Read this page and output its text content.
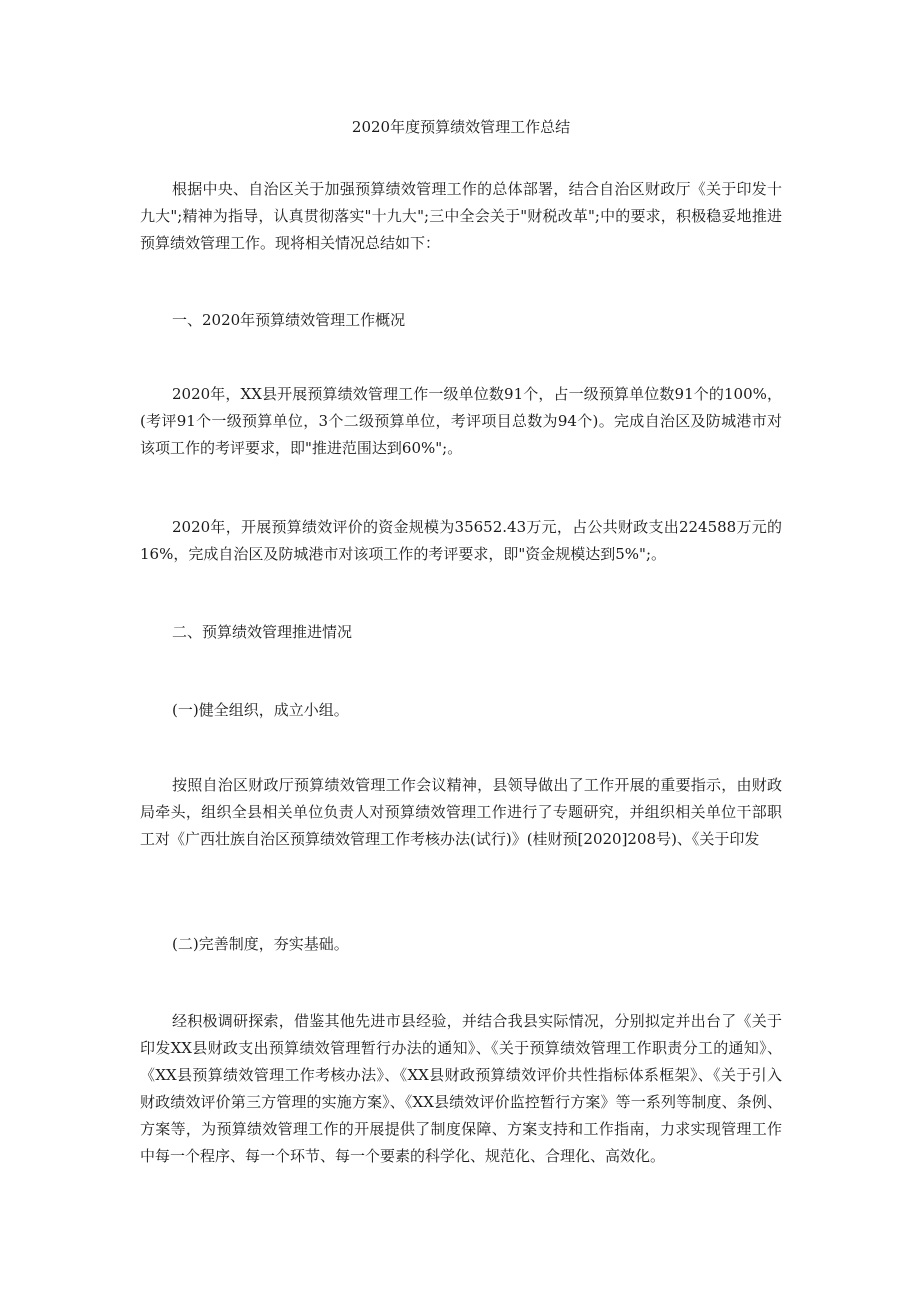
2020年度预算绩效管理工作总结

根据中央、自治区关于加强预算绩效管理工作的总体部署，结合自治区财政厅《关于印发十九大";精神为指导，认真贯彻落实"十九大";三中全会关于"财税改革";中的要求，积极稳妥地推进预算绩效管理工作。现将相关情况总结如下：

一、2020年预算绩效管理工作概况

2020年，XX县开展预算绩效管理工作一级单位数91个，占一级预算单位数91个的100%，(考评91个一级预算单位，3个二级预算单位，考评项目总数为94个)。完成自治区及防城港市对该项工作的考评要求，即"推进范围达到60%";。

2020年，开展预算绩效评价的资金规模为35652.43万元，占公共财政支出224588万元的16%，完成自治区及防城港市对该项工作的考评要求，即"资金规模达到5%";。

二、预算绩效管理推进情况
(一)健全组织，成立小组。

按照自治区财政厅预算绩效管理工作会议精神，县领导做出了工作开展的重要指示，由财政局牵头，组织全县相关单位负责人对预算绩效管理工作进行了专题研究，并组织相关单位干部职工对《广西壮族自治区预算绩效管理工作考核办法(试行)》(桂财预[2020]208号)、《关于印发

(二)完善制度，夯实基础。

经积极调研探索，借鉴其他先进市县经验，并结合我县实际情况，分别拟定并出台了《关于印发XX县财政支出预算绩效管理暂行办法的通知》、《关于预算绩效管理工作职责分工的通知》、《XX县预算绩效管理工作考核办法》、《XX县财政预算绩效评价共性指标体系框架》、《关于引入财政绩效评价第三方管理的实施方案》、《XX县绩效评价监控暂行方案》等一系列等制度、条例、方案等，为预算绩效管理工作的开展提供了制度保障、方案支持和工作指南，力求实现管理工作中每一个程序、每一个环节、每一个要素的科学化、规范化、合理化、高效化。
